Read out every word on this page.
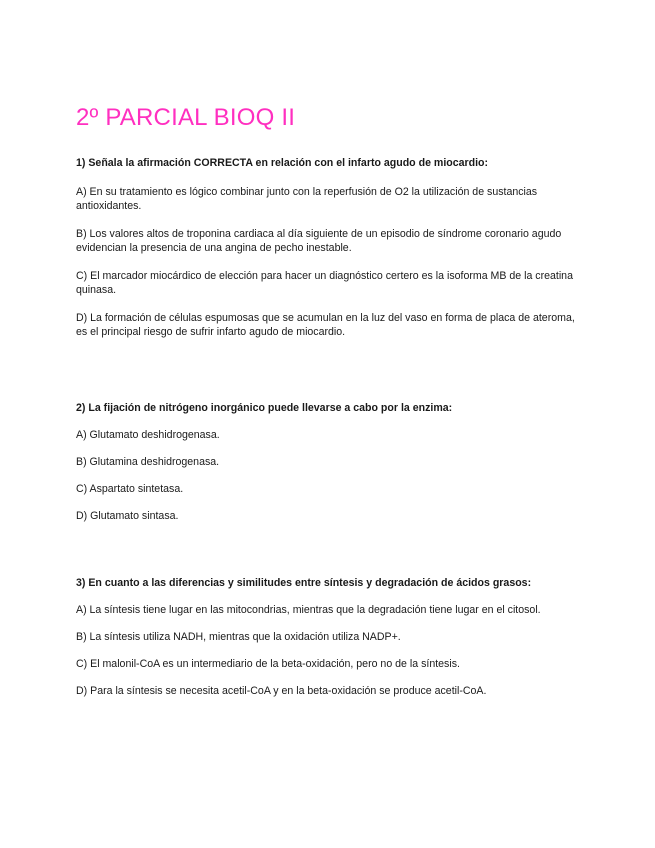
2º PARCIAL BIOQ II

1) Señala la afirmación CORRECTA en relación con el infarto agudo de miocardio:

A) En su tratamiento es lógico combinar junto con la reperfusión de O2 la utilización de sustancias antioxidantes.

B) Los valores altos de troponina cardiaca al día siguiente de un episodio de síndrome coronario agudo evidencian la presencia de una angina de pecho inestable.

C) El marcador miocárdico de elección para hacer un diagnóstico certero es la isoforma MB de la creatina quinasa.

D) La formación de células espumosas que se acumulan en la luz del vaso en forma de placa de ateroma, es el principal riesgo de sufrir infarto agudo de miocardio.

2) La fijación de nitrógeno inorgánico puede llevarse a cabo por la enzima:

A) Glutamato deshidrogenasa.

B) Glutamina deshidrogenasa.

C) Aspartato sintetasa.

D) Glutamato sintasa.

3) En cuanto a las diferencias y similitudes entre síntesis y degradación de ácidos grasos:

A) La síntesis tiene lugar en las mitocondrias, mientras que la degradación tiene lugar en el citosol.

B) La síntesis utiliza NADH, mientras que la oxidación utiliza NADP+.

C) El malonil-CoA es un intermediario de la beta-oxidación, pero no de la síntesis.

D) Para la síntesis se necesita acetil-CoA y en la beta-oxidación se produce acetil-CoA.
